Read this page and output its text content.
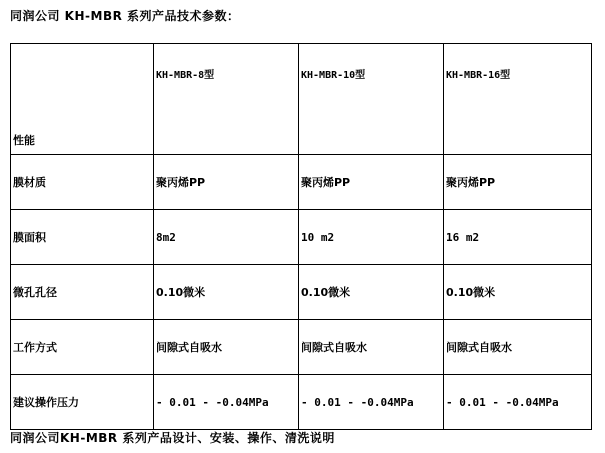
同润公司 KH-MBR 系列产品技术参数：
性能	KH-MBR-8型	KH-MBR-10型	KH-MBR-16型
膜材质	聚丙烯PP	聚丙烯PP	聚丙烯PP
膜面积	8m2	10 m2	16 m2
微孔孔径	0.10微米	0.10微米	0.10微米
工作方式	间隙式自吸水	间隙式自吸水	间隙式自吸水
建议操作压力	- 0.01 - -0.04MPa	- 0.01 - -0.04MPa	- 0.01 - -0.04MPa
同润公司KH-MBR 系列产品设计、安装、操作、清洗说明
